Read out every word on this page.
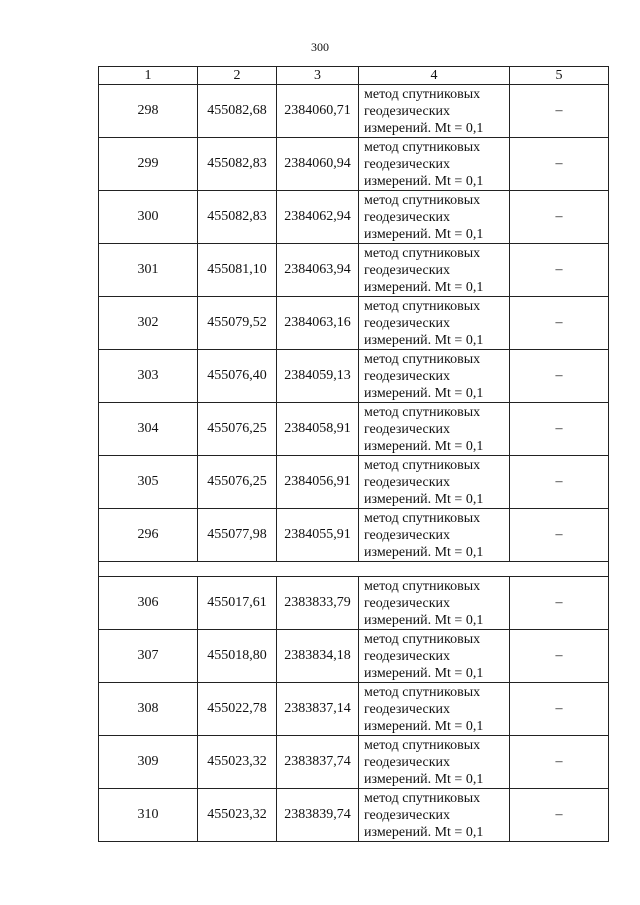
300
1	2	3	4	5
298	455082,68	2384060,71	метод спутниковых
геодезических
измерений. Mt = 0,1	–
299	455082,83	2384060,94	метод спутниковых
геодезических
измерений. Mt = 0,1	–
300	455082,83	2384062,94	метод спутниковых
геодезических
измерений. Mt = 0,1	–
301	455081,10	2384063,94	метод спутниковых
геодезических
измерений. Mt = 0,1	–
302	455079,52	2384063,16	метод спутниковых
геодезических
измерений. Mt = 0,1	–
303	455076,40	2384059,13	метод спутниковых
геодезических
измерений. Mt = 0,1	–
304	455076,25	2384058,91	метод спутниковых
геодезических
измерений. Mt = 0,1	–
305	455076,25	2384056,91	метод спутниковых
геодезических
измерений. Mt = 0,1	–
296	455077,98	2384055,91	метод спутниковых
геодезических
измерений. Mt = 0,1	–

306	455017,61	2383833,79	метод спутниковых
геодезических
измерений. Mt = 0,1	–
307	455018,80	2383834,18	метод спутниковых
геодезических
измерений. Mt = 0,1	–
308	455022,78	2383837,14	метод спутниковых
геодезических
измерений. Mt = 0,1	–
309	455023,32	2383837,74	метод спутниковых
геодезических
измерений. Mt = 0,1	–
310	455023,32	2383839,74	метод спутниковых
геодезических
измерений. Mt = 0,1	–
